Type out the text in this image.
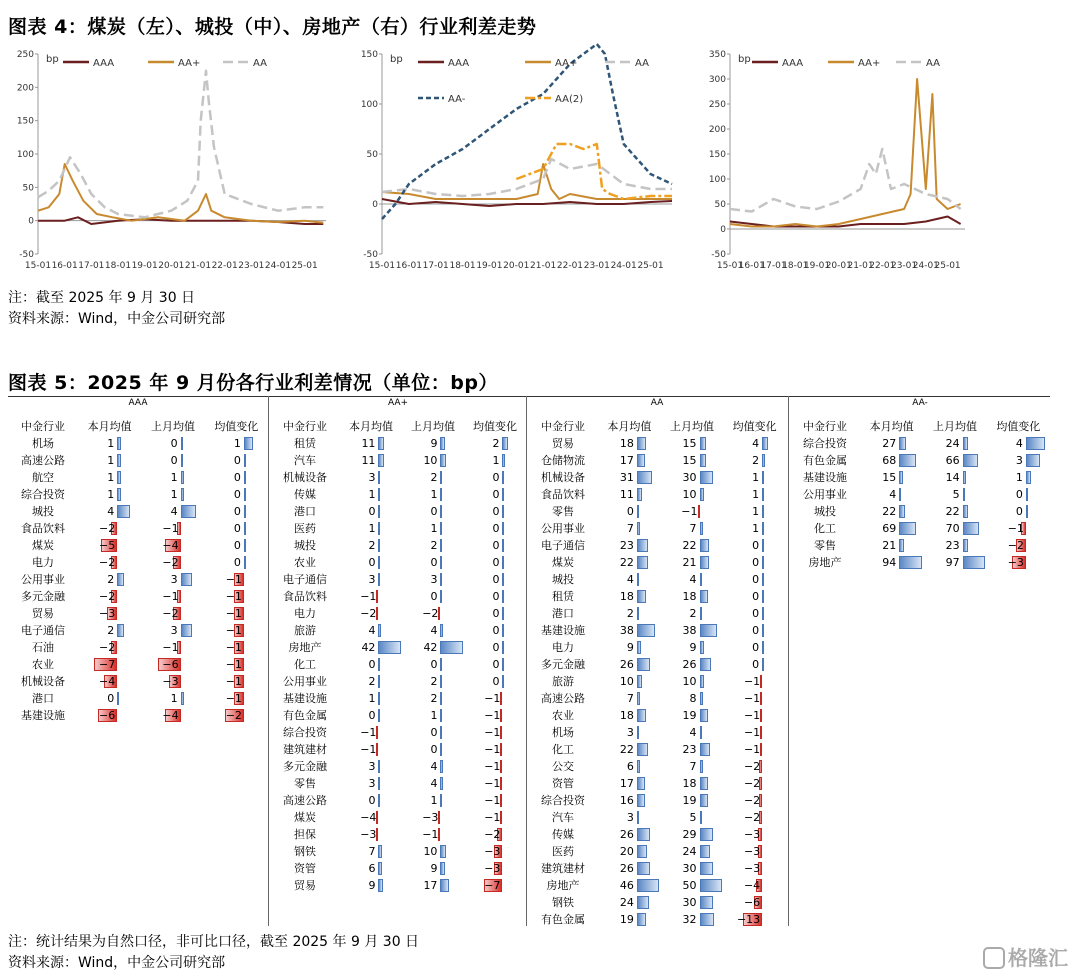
图表 4：煤炭（左）、城投（中）、房地产（右）行业利差走势
250
200
150
100
50
0
-50
bp
15-01 16-01 17-01 18-01 19-01 20-01 21-01 22-01 23-01 24-01 25-01
AAA	AA+	AA
150
100
50
0
-50
bp
15-01 16-01 17-01 18-01 19-01 20-01 21-01 22-01 23-01 24-01 25-01
AAA	AA+	AA
AA-	AA(2)
350
300
250
200
150
100
50
0
-50
bp
15-01
16-01
17-01
18-01
19-01
20-01
21-01
22-01
23-01
24-01
25-01
AAA	AA+	AA
注：截至 2025 年 9 月 30 日
资料来源：Wind，中金公司研究部
图表 5：2025 年 9 月份各行业利差情况（单位：bp）
AAA
中金行业	本月均值	上月均值	均值变化
机场	1	0	1
高速公路	1	0	0
航空	1	1	0
综合投资	1	1	0
城投	4	4	0
食品饮料	−2	−1	0
煤炭	−5	−4	0
电力	−2	−2	0
公用事业	2	3	−1
多元金融	−2	−1	−1
贸易	−3	−2	−1
电子通信	2	3	−1
石油	−2	−1	−1
农业	−7	−6	−1
机械设备	−4	−3	−1
港口	0	1	−1
基建设施	−6	−4	−2
AA+
中金行业	本月均值	上月均值	均值变化
租赁	11	9	2
汽车	11	10	1
机械设备	3	2	0
传媒	1	1	0
港口	0	0	0
医药	1	1	0
城投	2	2	0
农业	0	0	0
电子通信	3	3	0
食品饮料	−1	0	0
电力	−2	−2	0
旅游	4	4	0
房地产	42	42	0
化工	0	0	0
公用事业	2	2	0
基建设施	1	2	−1
有色金属	0	1	−1
综合投资	−1	0	−1
建筑建材	−1	0	−1
多元金融	3	4	−1
零售	3	4	−1
高速公路	0	1	−1
煤炭	−4	−3	−1
担保	−3	−1	−2
钢铁	7	10	−3
资管	6	9	−3
贸易	9	17	−7
AA
中金行业	本月均值	上月均值	均值变化
贸易	18	15	4
仓储物流	17	15	2
机械设备	31	30	1
食品饮料	11	10	1
零售	0	−1	1
公用事业	7	7	1
电子通信	23	22	0
煤炭	22	21	0
城投	4	4	0
租赁	18	18	0
港口	2	2	0
基建设施	38	38	0
电力	9	9	0
多元金融	26	26	0
旅游	10	10	−1
高速公路	7	8	−1
农业	18	19	−1
机场	3	4	−1
化工	22	23	−1
公交	6	7	−2
资管	17	18	−2
综合投资	16	19	−2
汽车	3	5	−2
传媒	26	29	−3
医药	20	24	−3
建筑建材	26	30	−3
房地产	46	50	−4
钢铁	24	30	−6
有色金属	19	32	−13
AA-
中金行业	本月均值	上月均值	均值变化
综合投资	27	24	4
有色金属	68	66	3
基建设施	15	14	1
公用事业	4	5	0
城投	22	22	0
化工	69	70	−1
零售	21	23	−2
房地产	94	97	−3
注：统计结果为自然口径，非可比口径，截至 2025 年 9 月 30 日
资料来源：Wind，中金公司研究部	格隆汇
